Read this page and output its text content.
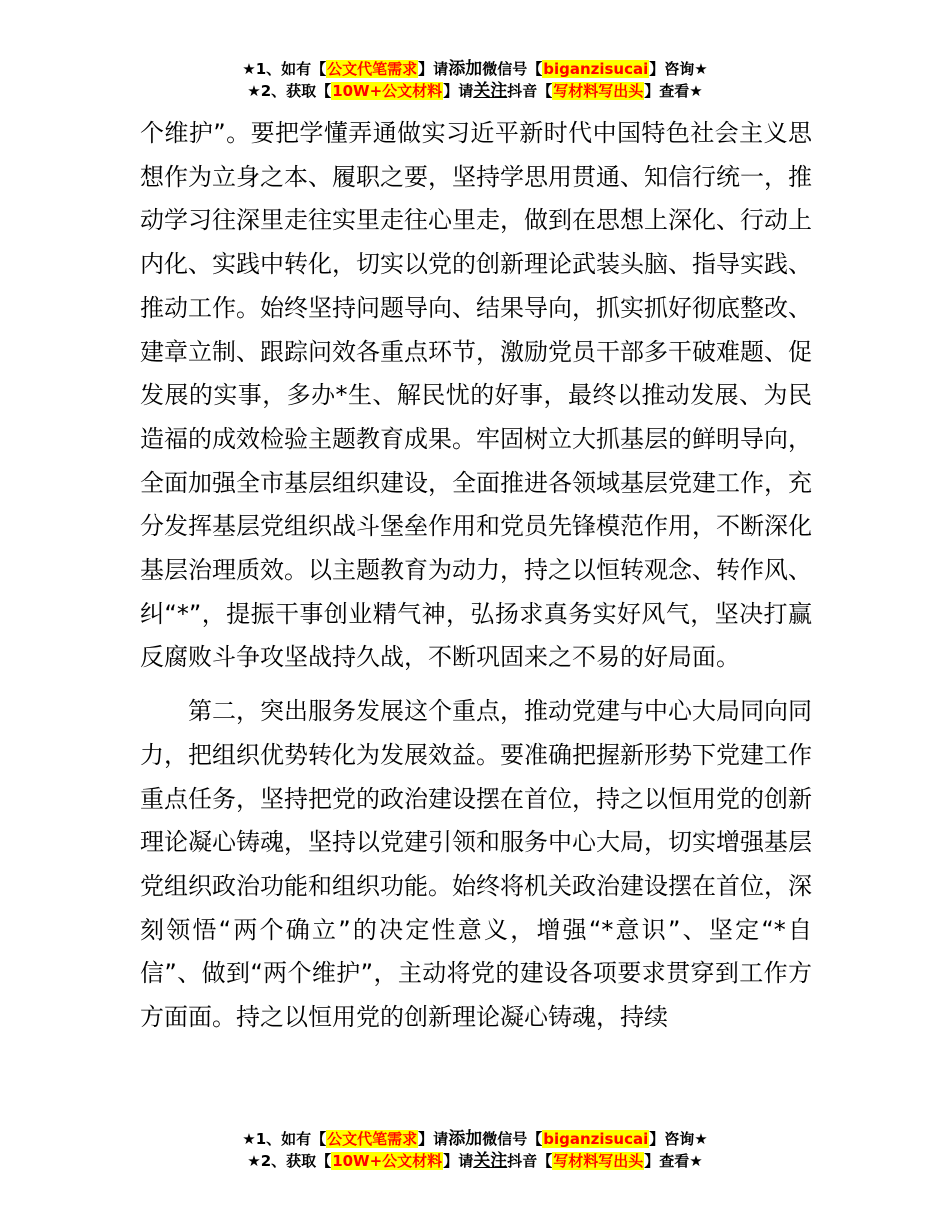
★1、如有【公文代笔需求】请添加微信号【biganzisucai】咨询★
★2、获取【10W+公文材料】请关注抖音【写材料写出头】查看★

个维护”。要把学懂弄通做实习近平新时代中国特色社会主义思想作为立身之本、履职之要，坚持学思用贯通、知信行统一，推动学习往深里走往实里走往心里走，做到在思想上深化、行动上内化、实践中转化，切实以党的创新理论武装头脑、指导实践、推动工作。始终坚持问题导向、结果导向，抓实抓好彻底整改、建章立制、跟踪问效各重点环节，激励党员干部多干破难题、促发展的实事，多办*生、解民忧的好事，最终以推动发展、为民造福的成效检验主题教育成果。牢固树立大抓基层的鲜明导向，全面加强全市基层组织建设，全面推进各领域基层党建工作，充分发挥基层党组织战斗堡垒作用和党员先锋模范作用，不断深化基层治理质效。以主题教育为动力，持之以恒转观念、转作风、纠“*”，提振干事创业精气神，弘扬求真务实好风气，坚决打赢反腐败斗争攻坚战持久战，不断巩固来之不易的好局面。

第二，突出服务发展这个重点，推动党建与中心大局同向同力，把组织优势转化为发展效益。要准确把握新形势下党建工作重点任务，坚持把党的政治建设摆在首位，持之以恒用党的创新理论凝心铸魂，坚持以党建引领和服务中心大局，切实增强基层党组织政治功能和组织功能。始终将机关政治建设摆在首位，深刻领悟“两个确立”的决定性意义，增强“*意识”、坚定“*自信”、做到“两个维护”，主动将党的建设各项要求贯穿到工作方方面面。持之以恒用党的创新理论凝心铸魂，持续

★1、如有【公文代笔需求】请添加微信号【biganzisucai】咨询★
★2、获取【10W+公文材料】请关注抖音【写材料写出头】查看★
